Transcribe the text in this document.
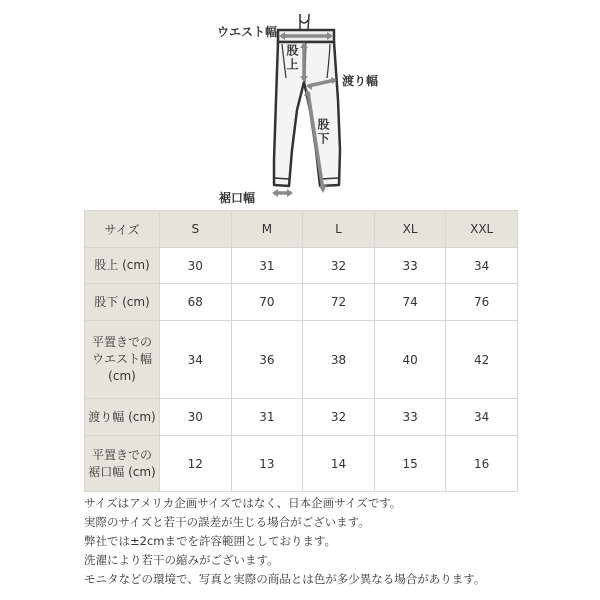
ウエスト幅
股上
渡り幅
股下
裾口幅
サイズ	S	M	L	XL	XXL
股上 (cm)	30	31	32	33	34
股下 (cm)	68	70	72	74	76

平置きでの
ウエスト幅
(cm)	34	36	38	40	42
渡り幅 (cm)	30	31	32	33	34

平置きでの
裾口幅 (cm)	12	13	14	15	16
サイズはアメリカ企画サイズではなく、日本企画サイズです。
実際のサイズと若干の誤差が生じる場合がございます。
弊社では±2cmまでを許容範囲としております。
洗濯により若干の縮みがございます。
モニタなどの環境で、写真と実際の商品とは色が多少異なる場合があります。
